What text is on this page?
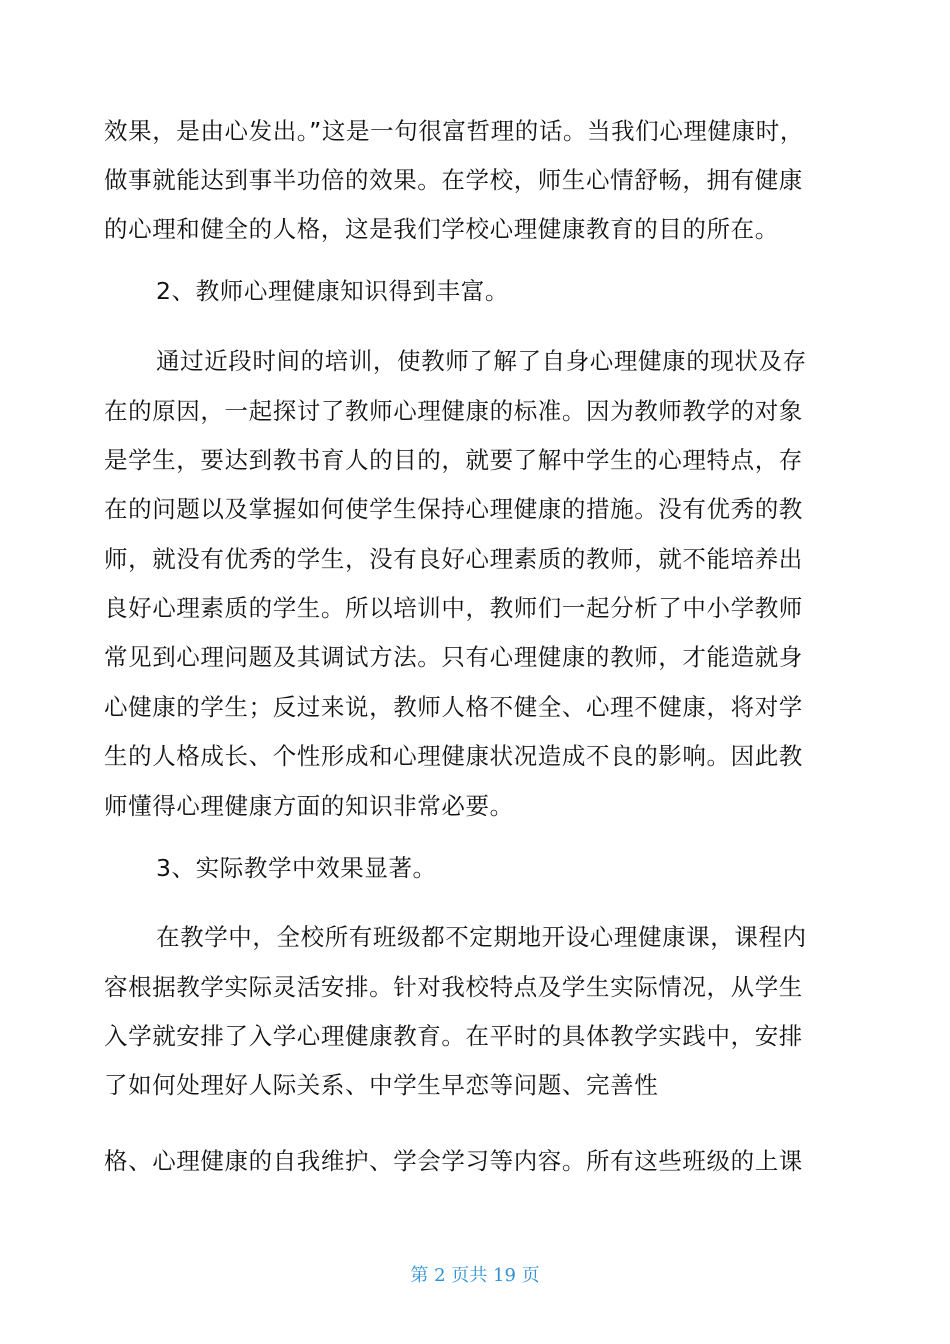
效果，是由心发出。”这是一句很富哲理的话。当我们心理健康时，
做事就能达到事半功倍的效果。在学校，师生心情舒畅，拥有健康
的心理和健全的人格，这是我们学校心理健康教育的目的所在。
2、教师心理健康知识得到丰富。
通过近段时间的培训，使教师了解了自身心理健康的现状及存
在的原因，一起探讨了教师心理健康的标准。因为教师教学的对象
是学生，要达到教书育人的目的，就要了解中学生的心理特点，存
在的问题以及掌握如何使学生保持心理健康的措施。没有优秀的教
师，就没有优秀的学生，没有良好心理素质的教师，就不能培养出
良好心理素质的学生。所以培训中，教师们一起分析了中小学教师
常见到心理问题及其调试方法。只有心理健康的教师，才能造就身
心健康的学生；反过来说，教师人格不健全、心理不健康，将对学
生的人格成长、个性形成和心理健康状况造成不良的影响。因此教
师懂得心理健康方面的知识非常必要。
3、实际教学中效果显著。
在教学中，全校所有班级都不定期地开设心理健康课，课程内
容根据教学实际灵活安排。针对我校特点及学生实际情况，从学生
入学就安排了入学心理健康教育。在平时的具体教学实践中，安排
了如何处理好人际关系、中学生早恋等问题、完善性
格、心理健康的自我维护、学会学习等内容。所有这些班级的上课
第 2 页共 19 页
